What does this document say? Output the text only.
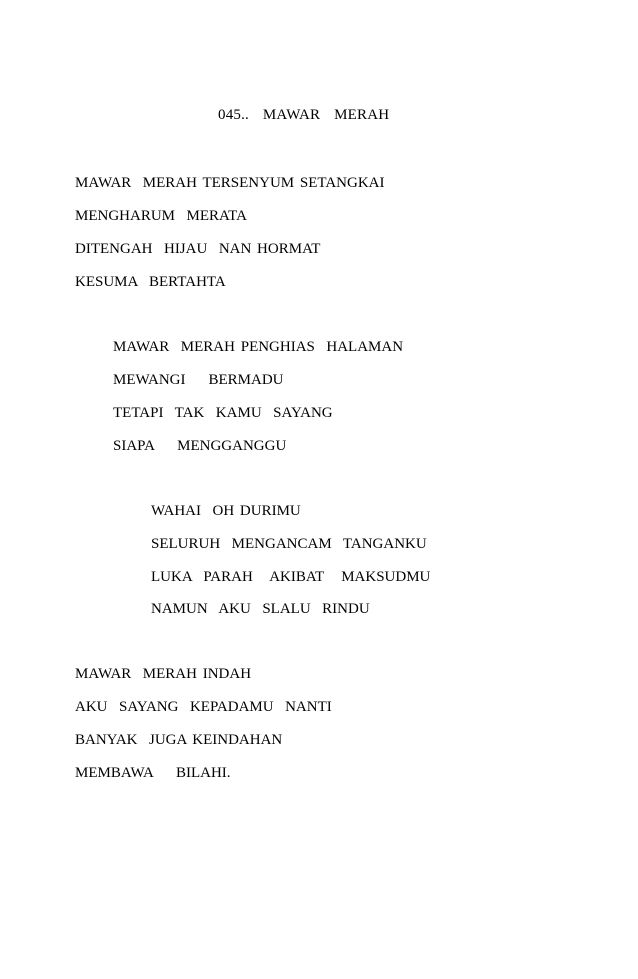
045..  MAWAR  MERAH
MAWAR  MERAH TERSENYUM SETANGKAI
MENGHARUM  MERATA
DITENGAH  HIJAU  NAN HORMAT
KESUMA  BERTAHTA
MAWAR  MERAH PENGHIAS  HALAMAN
MEWANGI    BERMADU
TETAPI  TAK  KAMU  SAYANG
SIAPA    MENGGANGGU
WAHAI  OH DURIMU
SELURUH  MENGANCAM  TANGANKU
LUKA  PARAH   AKIBAT   MAKSUDMU
NAMUN  AKU  SLALU  RINDU
MAWAR  MERAH INDAH
AKU  SAYANG  KEPADAMU  NANTI
BANYAK  JUGA KEINDAHAN
MEMBAWA    BILAHI.
